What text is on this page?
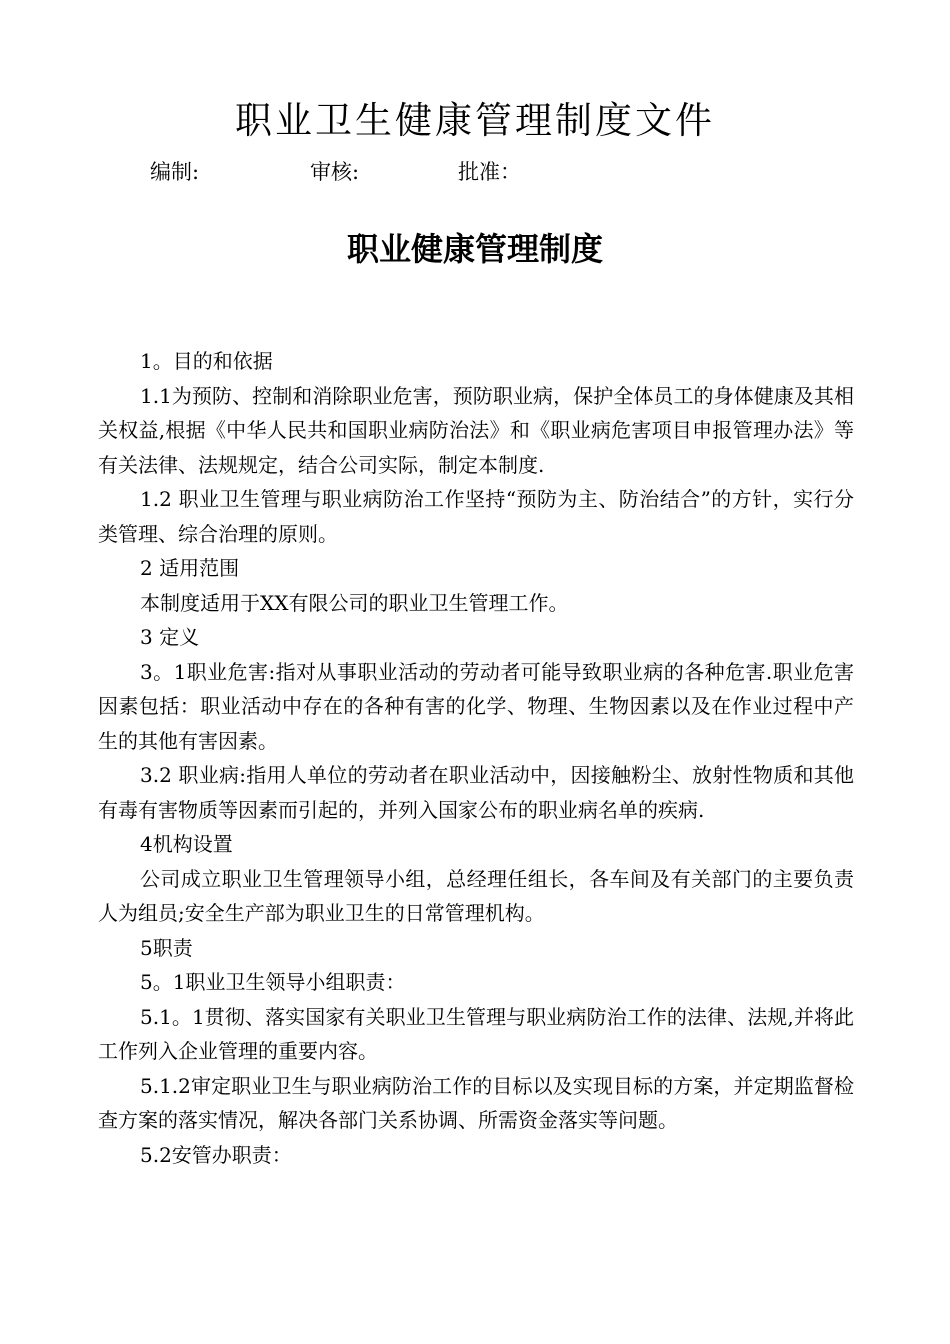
职业卫生健康管理制度文件
编制:	审核:	批准：
职业健康管理制度

1。目的和依据

1.1为预防、控制和消除职业危害，预防职业病，保护全体员工的身体健康及其相关权益,根据《中华人民共和国职业病防治法》和《职业病危害项目申报管理办法》等有关法律、法规规定，结合公司实际，制定本制度.

1.2 职业卫生管理与职业病防治工作坚持“预防为主、防治结合”的方针，实行分类管理、综合治理的原则。

2 适用范围

本制度适用于XX有限公司的职业卫生管理工作。

3 定义

3。1职业危害:指对从事职业活动的劳动者可能导致职业病的各种危害.职业危害因素包括：职业活动中存在的各种有害的化学、物理、生物因素以及在作业过程中产生的其他有害因素。

3.2 职业病:指用人单位的劳动者在职业活动中，因接触粉尘、放射性物质和其他有毒有害物质等因素而引起的，并列入国家公布的职业病名单的疾病.

4机构设置

公司成立职业卫生管理领导小组，总经理任组长，各车间及有关部门的主要负责人为组员;安全生产部为职业卫生的日常管理机构。

5职责

5。1职业卫生领导小组职责：

5.1。1贯彻、落实国家有关职业卫生管理与职业病防治工作的法律、法规,并将此工作列入企业管理的重要内容。

5.1.2审定职业卫生与职业病防治工作的目标以及实现目标的方案，并定期监督检查方案的落实情况，解决各部门关系协调、所需资金落实等问题。

5.2安管办职责：
